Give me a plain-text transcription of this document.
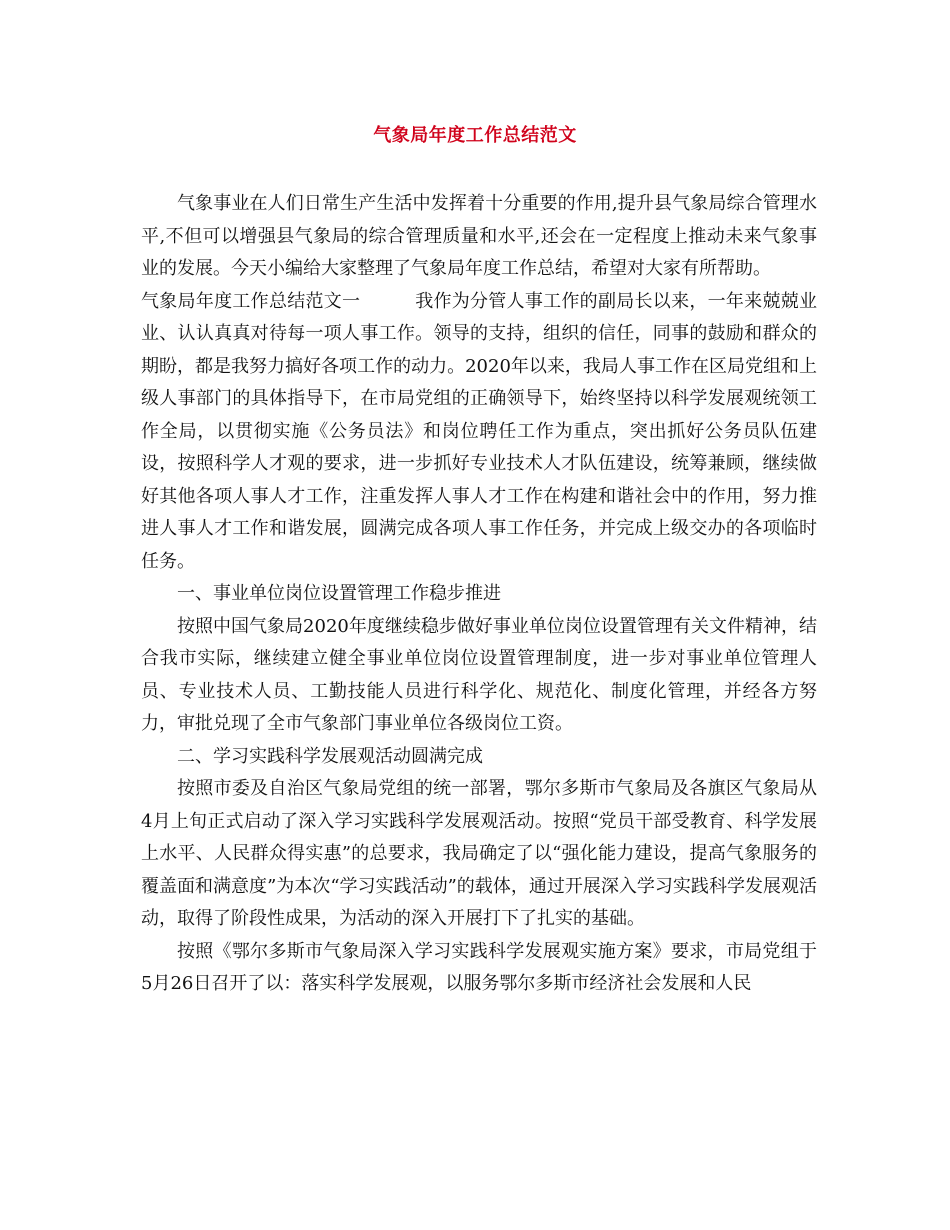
气象局年度工作总结范文

气象事业在人们日常生产生活中发挥着十分重要的作用,提升县气象局综合管理水平,不但可以增强县气象局的综合管理质量和水平,还会在一定程度上推动未来气象事业的发展。今天小编给大家整理了气象局年度工作总结，希望对大家有所帮助。

气象局年度工作总结范文一　　　	我作为分管人事工作的副局长以来，一年来兢兢业业、认认真真对待每一项人事工作。领导的支持，组织的信任，同事的鼓励和群众的期盼，都是我努力搞好各项工作的动力。2020年以来，我局人事工作在区局党组和上级人事部门的具体指导下，在市局党组的正确领导下，始终坚持以科学发展观统领工作全局，以贯彻实施《公务员法》和岗位聘任工作为重点，突出抓好公务员队伍建设，按照科学人才观的要求，进一步抓好专业技术人才队伍建设，统筹兼顾，继续做好其他各项人事人才工作，注重发挥人事人才工作在构建和谐社会中的作用，努力推进人事人才工作和谐发展，圆满完成各项人事工作任务，并完成上级交办的各项临时任务。

一、事业单位岗位设置管理工作稳步推进

按照中国气象局2020年度继续稳步做好事业单位岗位设置管理有关文件精神，结合我市实际，继续建立健全事业单位岗位设置管理制度，进一步对事业单位管理人员、专业技术人员、工勤技能人员进行科学化、规范化、制度化管理，并经各方努力，审批兑现了全市气象部门事业单位各级岗位工资。

二、学习实践科学发展观活动圆满完成

按照市委及自治区气象局党组的统一部署，鄂尔多斯市气象局及各旗区气象局从4月上旬正式启动了深入学习实践科学发展观活动。按照“党员干部受教育、科学发展上水平、人民群众得实惠”的总要求，我局确定了以“强化能力建设，提高气象服务的覆盖面和满意度”为本次“学习实践活动”的载体，通过开展深入学习实践科学发展观活动，取得了阶段性成果，为活动的深入开展打下了扎实的基础。

按照《鄂尔多斯市气象局深入学习实践科学发展观实施方案》要求，市局党组于5月26日召开了以：落实科学发展观，以服务鄂尔多斯市经济社会发展和人民
